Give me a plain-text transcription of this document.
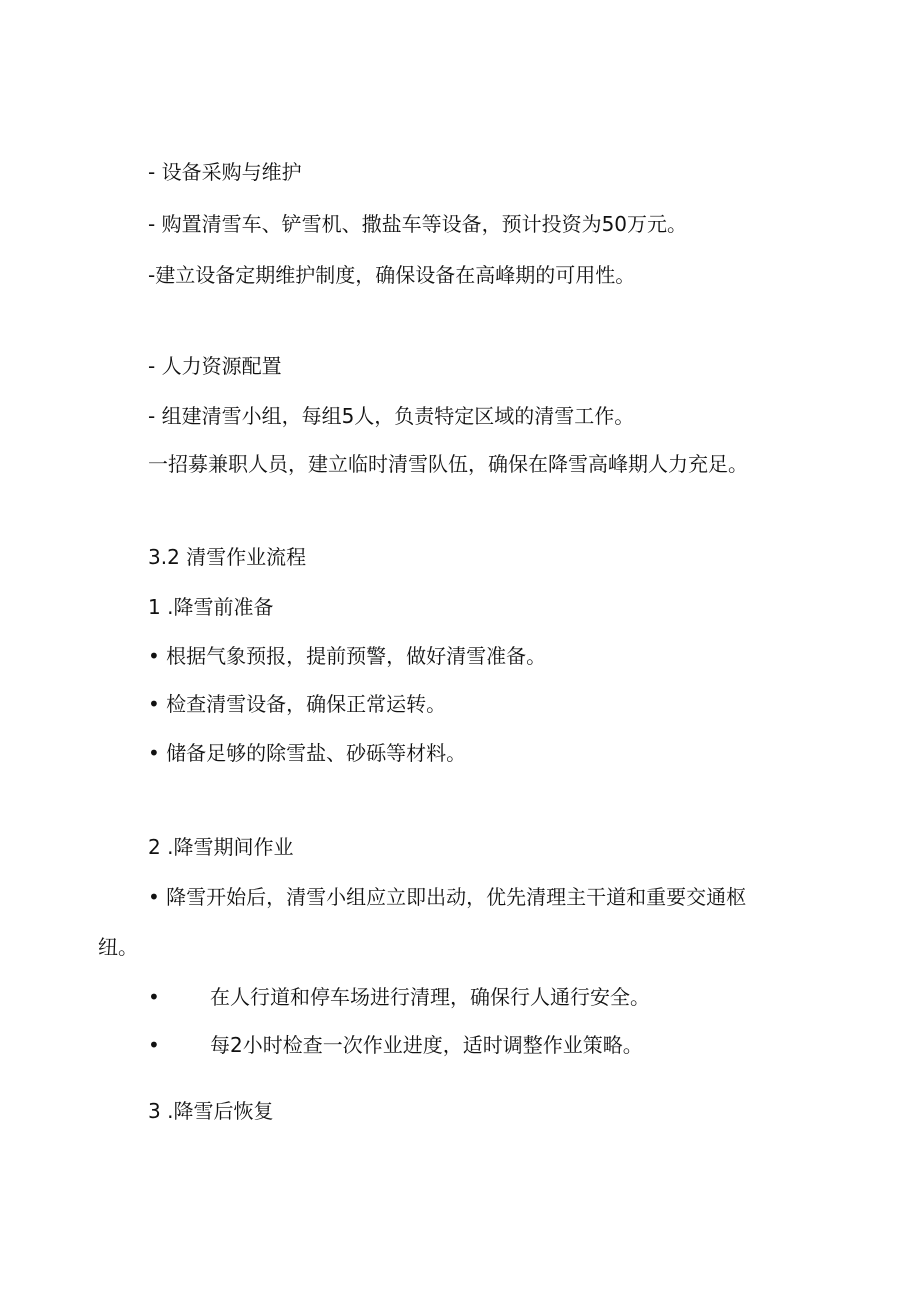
- 设备采购与维护
- 购置清雪车、铲雪机、撒盐车等设备，预计投资为50万元。
-建立设备定期维护制度，确保设备在高峰期的可用性。
- 人力资源配置
- 组建清雪小组，每组5人，负责特定区域的清雪工作。
一招募兼职人员，建立临时清雪队伍，确保在降雪高峰期人力充足。
3.2 清雪作业流程
1 .降雪前准备
• 根据气象预报，提前预警，做好清雪准备。
• 检查清雪设备，确保正常运转。
• 储备足够的除雪盐、砂砾等材料。
2 .降雪期间作业
• 降雪开始后，清雪小组应立即出动，优先清理主干道和重要交通枢
纽。
•	在人行道和停车场进行清理，确保行人通行安全。
•	每2小时检查一次作业进度，适时调整作业策略。
3 .降雪后恢复
